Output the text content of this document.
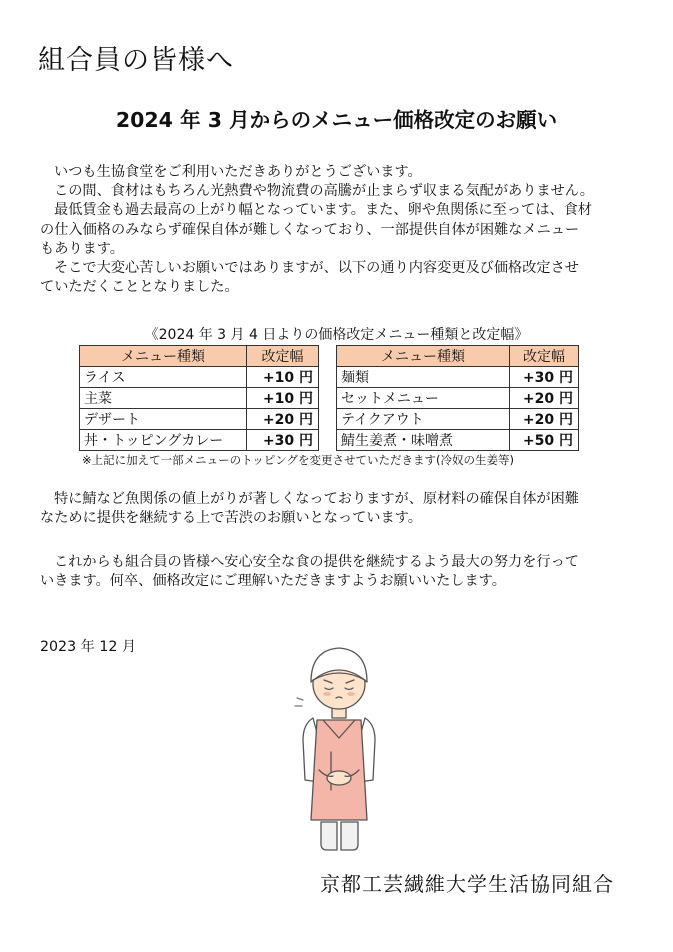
組合員の皆様へ
2024 年 3 月からのメニュー価格改定のお願い

いつも生協食堂をご利用いただきありがとうございます。

この間、食材はもちろん光熱費や物流費の高騰が止まらず収まる気配がありません。

最低賃金も過去最高の上がり幅となっています。また、卵や魚関係に至っては、食材

の仕入価格のみならず確保自体が難しくなっており、一部提供自体が困難なメニュー

もあります。

そこで大変心苦しいお願いではありますが、以下の通り内容変更及び価格改定させ

ていただくこととなりました。

《2024 年 3 月 4 日よりの価格改定メニュー種類と改定幅》
メニュー種類	改定幅
ライス	+10 円
主菜	+10 円
デザート	+20 円
丼・トッピングカレー	+30 円
メニュー種類	改定幅
麺類	+30 円
セットメニュー	+20 円
テイクアウト	+20 円
鯖生姜煮・味噌煮	+50 円
※上記に加えて一部メニューのトッピングを変更させていただきます(冷奴の生姜等)

特に鯖など魚関係の値上がりが著しくなっておりますが、原材料の確保自体が困難

なために提供を継続する上で苦渋のお願いとなっています。

これからも組合員の皆様へ安心安全な食の提供を継続するよう最大の努力を行って

いきます。何卒、価格改定にご理解いただきますようお願いいたします。

2023 年 12 月
京都工芸繊維大学生活協同組合
